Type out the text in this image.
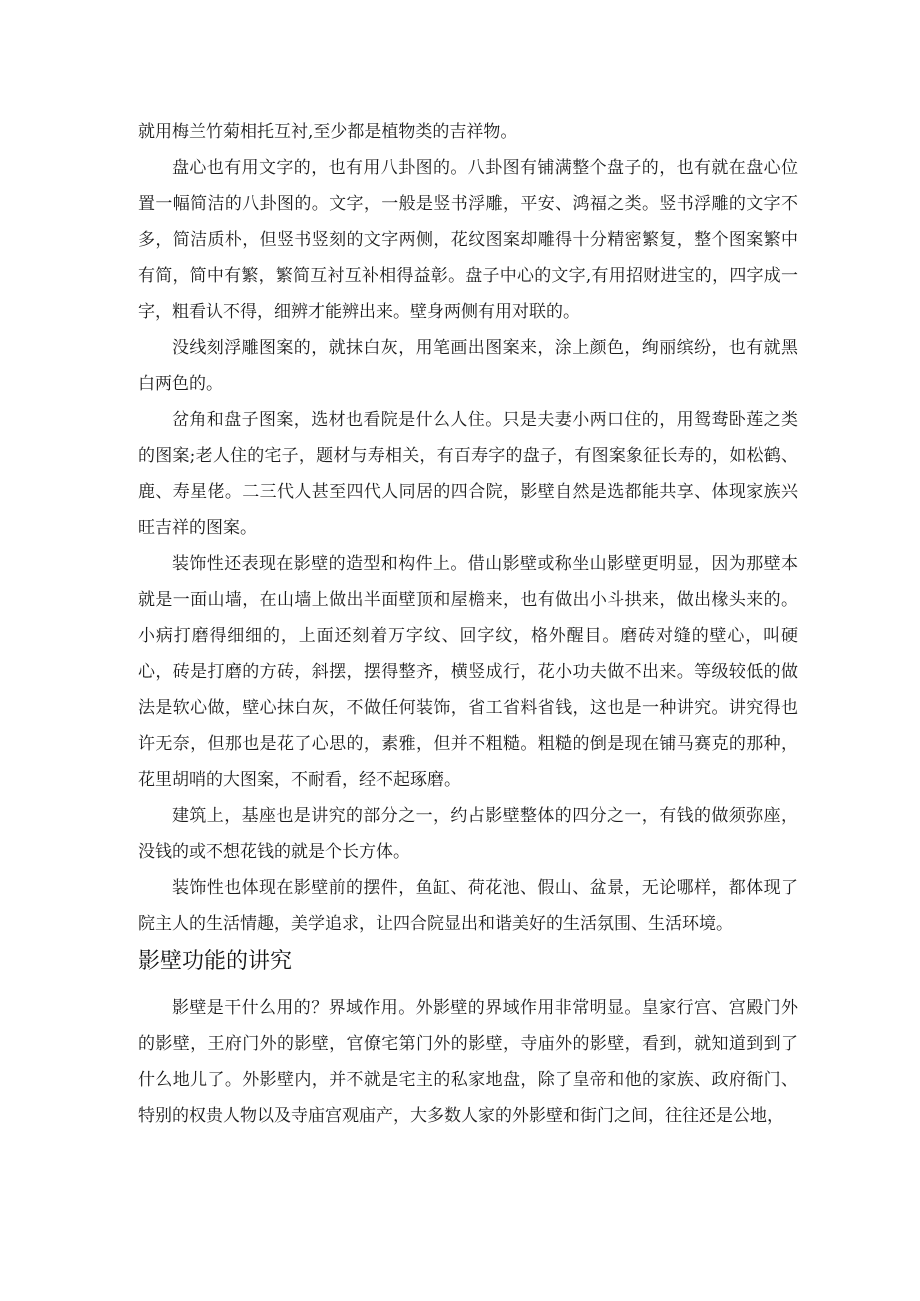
就用梅兰竹菊相托互衬,至少都是植物类的吉祥物。

盘心也有用文字的，也有用八卦图的。八卦图有铺满整个盘子的，也有就在盘心位置一幅简洁的八卦图的。文字，一般是竖书浮雕，平安、鸿福之类。竖书浮雕的文字不多，简洁质朴，但竖书竖刻的文字两侧，花纹图案却雕得十分精密繁复，整个图案繁中有简，简中有繁，繁简互衬互补相得益彰。盘子中心的文字,有用招财进宝的，四字成一字，粗看认不得，细辨才能辨出来。壁身两侧有用对联的。

没线刻浮雕图案的，就抹白灰，用笔画出图案来，涂上颜色，绚丽缤纷，也有就黑白两色的。

岔角和盘子图案，选材也看院是什么人住。只是夫妻小两口住的，用鸳鸯卧莲之类的图案;老人住的宅子，题材与寿相关，有百寿字的盘子，有图案象征长寿的，如松鹤、鹿、寿星佬。二三代人甚至四代人同居的四合院，影壁自然是选都能共享、体现家族兴旺吉祥的图案。

装饰性还表现在影壁的造型和构件上。借山影壁或称坐山影壁更明显，因为那壁本就是一面山墙，在山墙上做出半面壁顶和屋檐来，也有做出小斗拱来，做出椽头来的。小病打磨得细细的，上面还刻着万字纹、回字纹，格外醒目。磨砖对缝的壁心，叫硬心，砖是打磨的方砖，斜摆，摆得整齐，横竖成行，花小功夫做不出来。等级较低的做法是软心做，壁心抹白灰，不做任何装饰，省工省料省钱，这也是一种讲究。讲究得也许无奈，但那也是花了心思的，素雅，但并不粗糙。粗糙的倒是现在铺马赛克的那种，花里胡哨的大图案，不耐看，经不起琢磨。

建筑上，基座也是讲究的部分之一，约占影壁整体的四分之一，有钱的做须弥座，没钱的或不想花钱的就是个长方体。

装饰性也体现在影壁前的摆件，鱼缸、荷花池、假山、盆景，无论哪样，都体现了院主人的生活情趣，美学追求，让四合院显出和谐美好的生活氛围、生活环境。

影壁功能的讲究

影壁是干什么用的？界域作用。外影壁的界域作用非常明显。皇家行宫、宫殿门外的影壁，王府门外的影壁，官僚宅第门外的影壁，寺庙外的影壁，看到，就知道到到了什么地儿了。外影壁内，并不就是宅主的私家地盘，除了皇帝和他的家族、政府衙门、特别的权贵人物以及寺庙宫观庙产，大多数人家的外影壁和街门之间，往往还是公地，
